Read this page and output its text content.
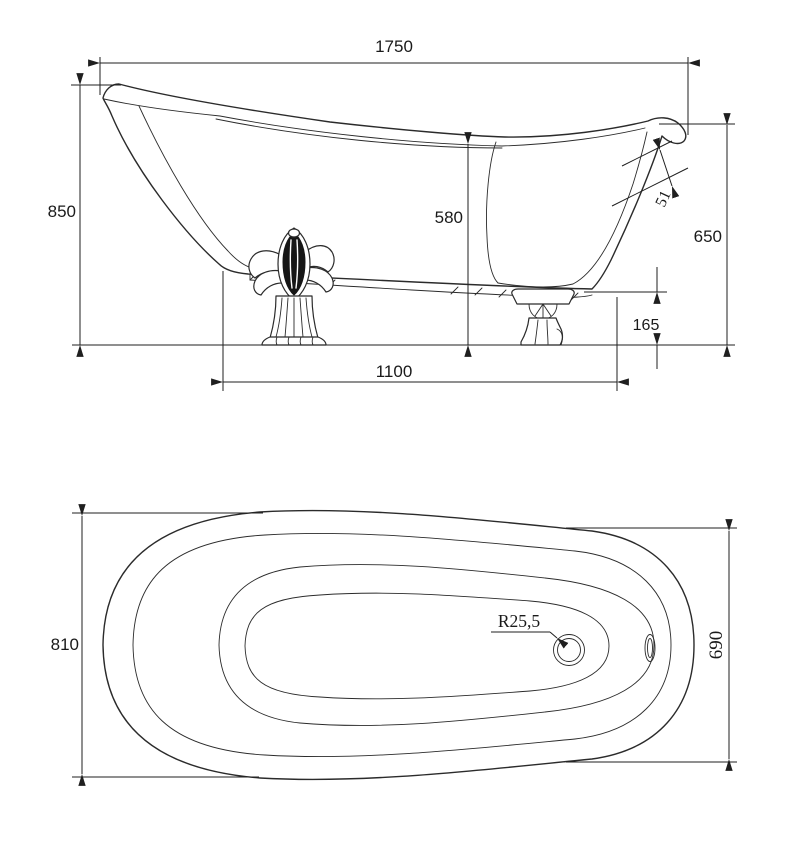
1750
850	580
650
51
165
1100
R25,5
810	690
